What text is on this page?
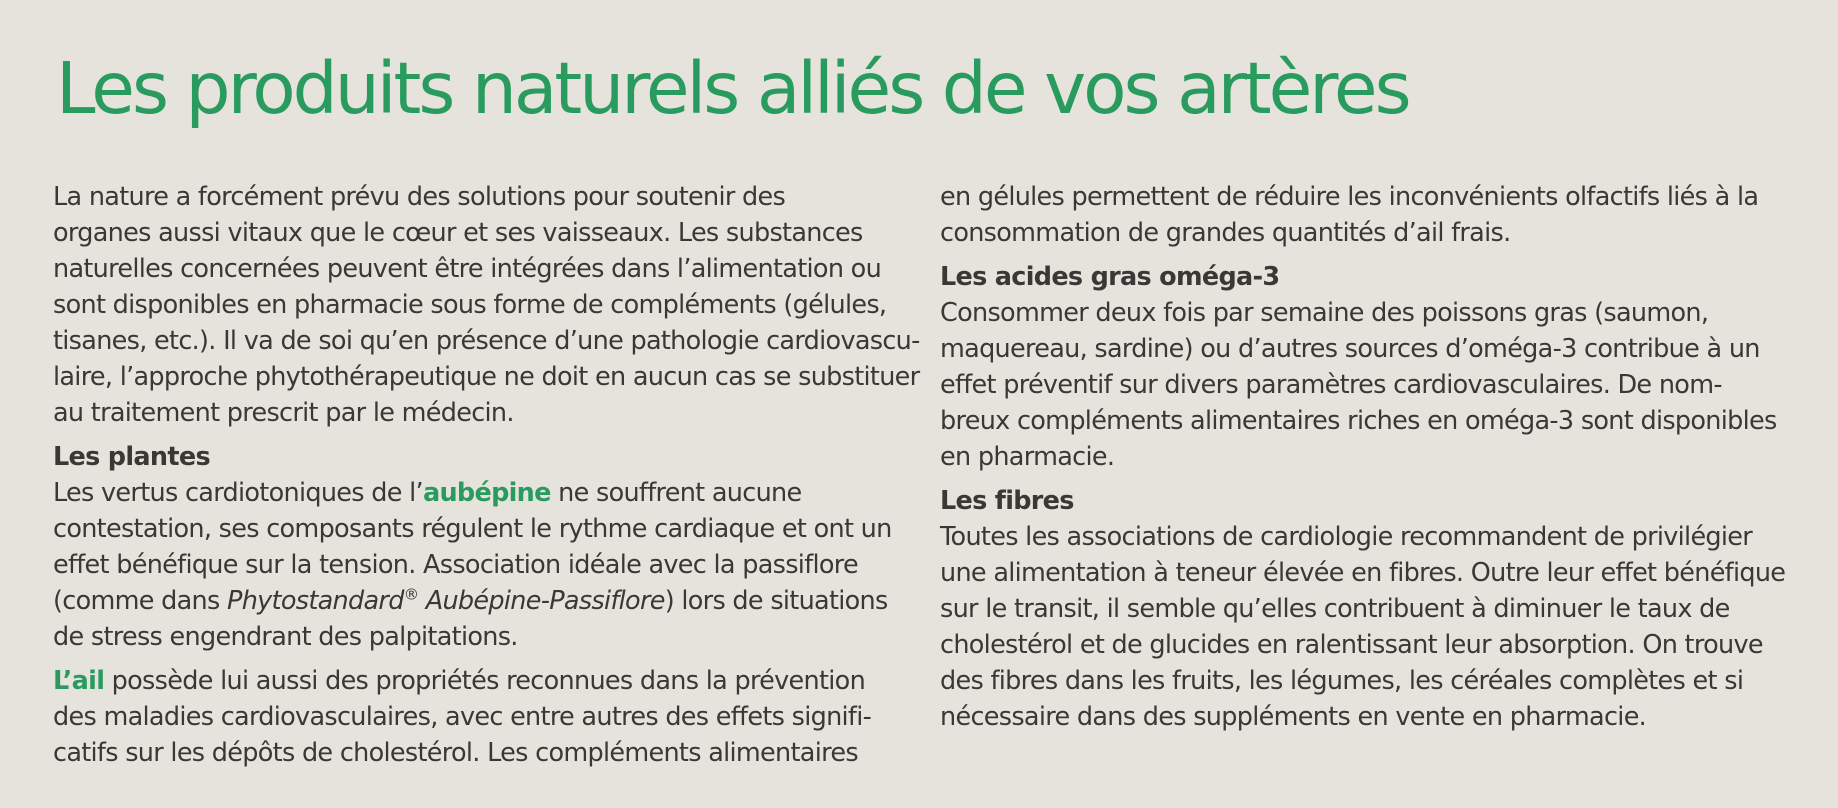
Les produits naturels alliés de vos artères
La nature a forcément prévu des solutions pour soutenir des
organes aussi vitaux que le cœur et ses vaisseaux. Les substances
naturelles concernées peuvent être intégrées dans l’alimentation ou
sont disponibles en pharmacie sous forme de compléments (gélules,
tisanes, etc.). Il va de soi qu’en présence d’une pathologie cardiovascu-
laire, l’approche phytothérapeutique ne doit en aucun cas se substituer
au traitement prescrit par le médecin.
Les plantes
Les vertus cardiotoniques de l’aubépine ne souffrent aucune
contestation, ses composants régulent le rythme cardiaque et ont un
effet bénéfique sur la tension. Association idéale avec la passiflore
(comme dans Phytostandard® Aubépine-Passiflore) lors de situations
de stress engendrant des palpitations.
L’ail possède lui aussi des propriétés reconnues dans la prévention
des maladies cardiovasculaires, avec entre autres des effets signifi-
catifs sur les dépôts de cholestérol. Les compléments alimentaires
en gélules permettent de réduire les inconvénients olfactifs liés à la
consommation de grandes quantités d’ail frais.
Les acides gras oméga-3
Consommer deux fois par semaine des poissons gras (saumon,
maquereau, sardine) ou d’autres sources d’oméga-3 contribue à un
effet préventif sur divers paramètres cardiovasculaires. De nom-
breux compléments alimentaires riches en oméga-3 sont disponibles
en pharmacie.
Les fibres
Toutes les associations de cardiologie recommandent de privilégier
une alimentation à teneur élevée en fibres. Outre leur effet bénéfique
sur le transit, il semble qu’elles contribuent à diminuer le taux de
cholestérol et de glucides en ralentissant leur absorption. On trouve
des fibres dans les fruits, les légumes, les céréales complètes et si
nécessaire dans des suppléments en vente en pharmacie.
